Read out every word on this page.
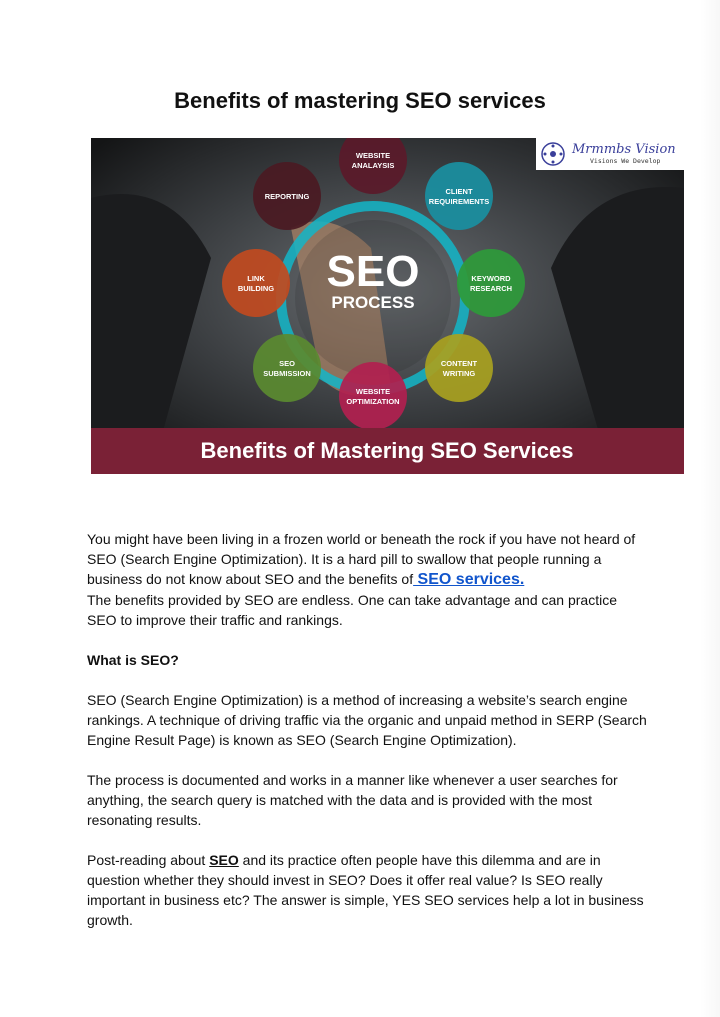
Benefits of mastering SEO services
SEO
PROCESS
WEBSITE
ANALAYSIS
CLIENT
REQUIREMENTS
KEYWORD
RESEARCH
CONTENT
WRITING
WEBSITE
OPTIMIZATION
SEO
SUBMISSION
LINK
BUILDING
REPORTING
Benefits of Mastering SEO Services
Mrmmbs Vision
Visions We Develop

You might have been living in a frozen world or beneath the rock if you have not heard of SEO (Search Engine Optimization). It is a hard pill to swallow that people running a business do not know about SEO and the benefits of SEO services.
The benefits provided by SEO are endless. One can take advantage and can practice SEO to improve their traffic and rankings.

What is SEO?

SEO (Search Engine Optimization) is a method of increasing a website’s search engine rankings. A technique of driving traffic via the organic and unpaid method in SERP (Search Engine Result Page) is known as SEO (Search Engine Optimization).

The process is documented and works in a manner like whenever a user searches for anything, the search query is matched with the data and is provided with the most resonating results.

Post-reading about SEO and its practice often people have this dilemma and are in question whether they should invest in SEO? Does it offer real value? Is SEO really important in business etc? The answer is simple, YES SEO services help a lot in business growth.
